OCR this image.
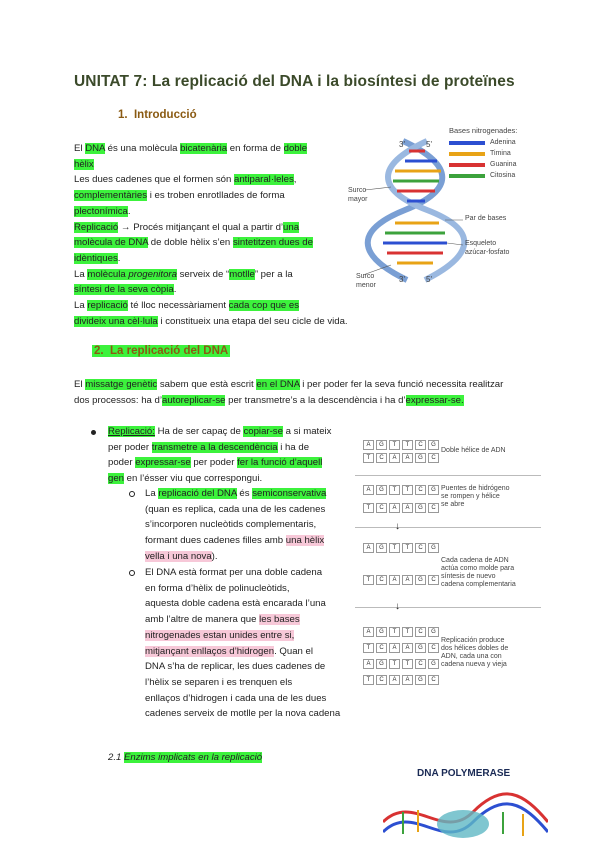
UNITAT 7: La replicació del DNA i la biosíntesi de proteïnes
1. Introducció
El DNA és una molècula bicatenària en forma de doble
hèlix
Les dues cadenes que el formen són antiparal·leles,
complementàries i es troben enrotllades de forma
plectonímica.
Replicació → Procés mitjançant el qual a partir d’una
molècula de DNA de doble hèlix s’en sintetitzen dues de
idèntiques.
La molècula progenitora serveix de “motlle” per a la
síntesi de la seva còpia.
La replicació té lloc necessàriament cada cop que es
divideix una cèl·lula i constitueix una etapa del seu cicle de vida.
3'	5'
3'	5'
Surco
mayor
Surco
menor
Par de bases
Esqueleto
azúcar-fosfato
Bases nitrogenades:
Adenina
Timina
Guanina
Citosina
2. La replicació del DNA
El missatge genètic sabem que està escrit en el DNA i per poder fer la seva funció necessita realitzar
dos processos: ha d’autoreplicar-se per transmetre’s a la descendència i ha d’expressar-se.
Replicació: Ha de ser capaç de copiar-se a si mateix
per poder transmetre a la descendència i ha de
poder expressar-se per poder fer la funció d’aquell
gen en l’ésser viu que correspongui.
La replicació del DNA és semiconservativa
(quan es replica, cada una de les cadenes
s’incorporen nucleòtids complementaris,
formant dues cadenes filles amb una hèlix
vella i una nova).
El DNA està format per una doble cadena
en forma d’hèlix de polinucleòtids,
aquesta doble cadena està encarada l’una
amb l’altre de manera que les bases
nitrogenades estan unides entre si,
mitjançant enllaços d’hidrogen. Quan el
DNA s’ha de replicar, les dues cadenes de
l’hèlix se separen i es trenquen els
enllaços d’hidrogen i cada una de les dues
cadenes serveix de motlle per la nova cadena
A	G	T	T	C	G
T	C	A	A	G	C
Doble hélice de ADN
A	G	T	T	C	G
T	C	A	A	G	C
Puentes de hidrógeno
se rompen y hélice
se abre
↓
A	G	T	T	C	G
T	C	A	A	G	C
Cada cadena de ADN
actúa como molde para
síntesis de nuevo
cadena complementaria
↓
A	G	T	T	C	G
T	C	A	A	G	C
A	G	T	T	C	G
T	C	A	A	G	C
Replicación produce
dos hélices dobles de
ADN, cada una con
cadena nueva y vieja
2.1 Enzims implicats en la replicació
DNA POLYMERASE
